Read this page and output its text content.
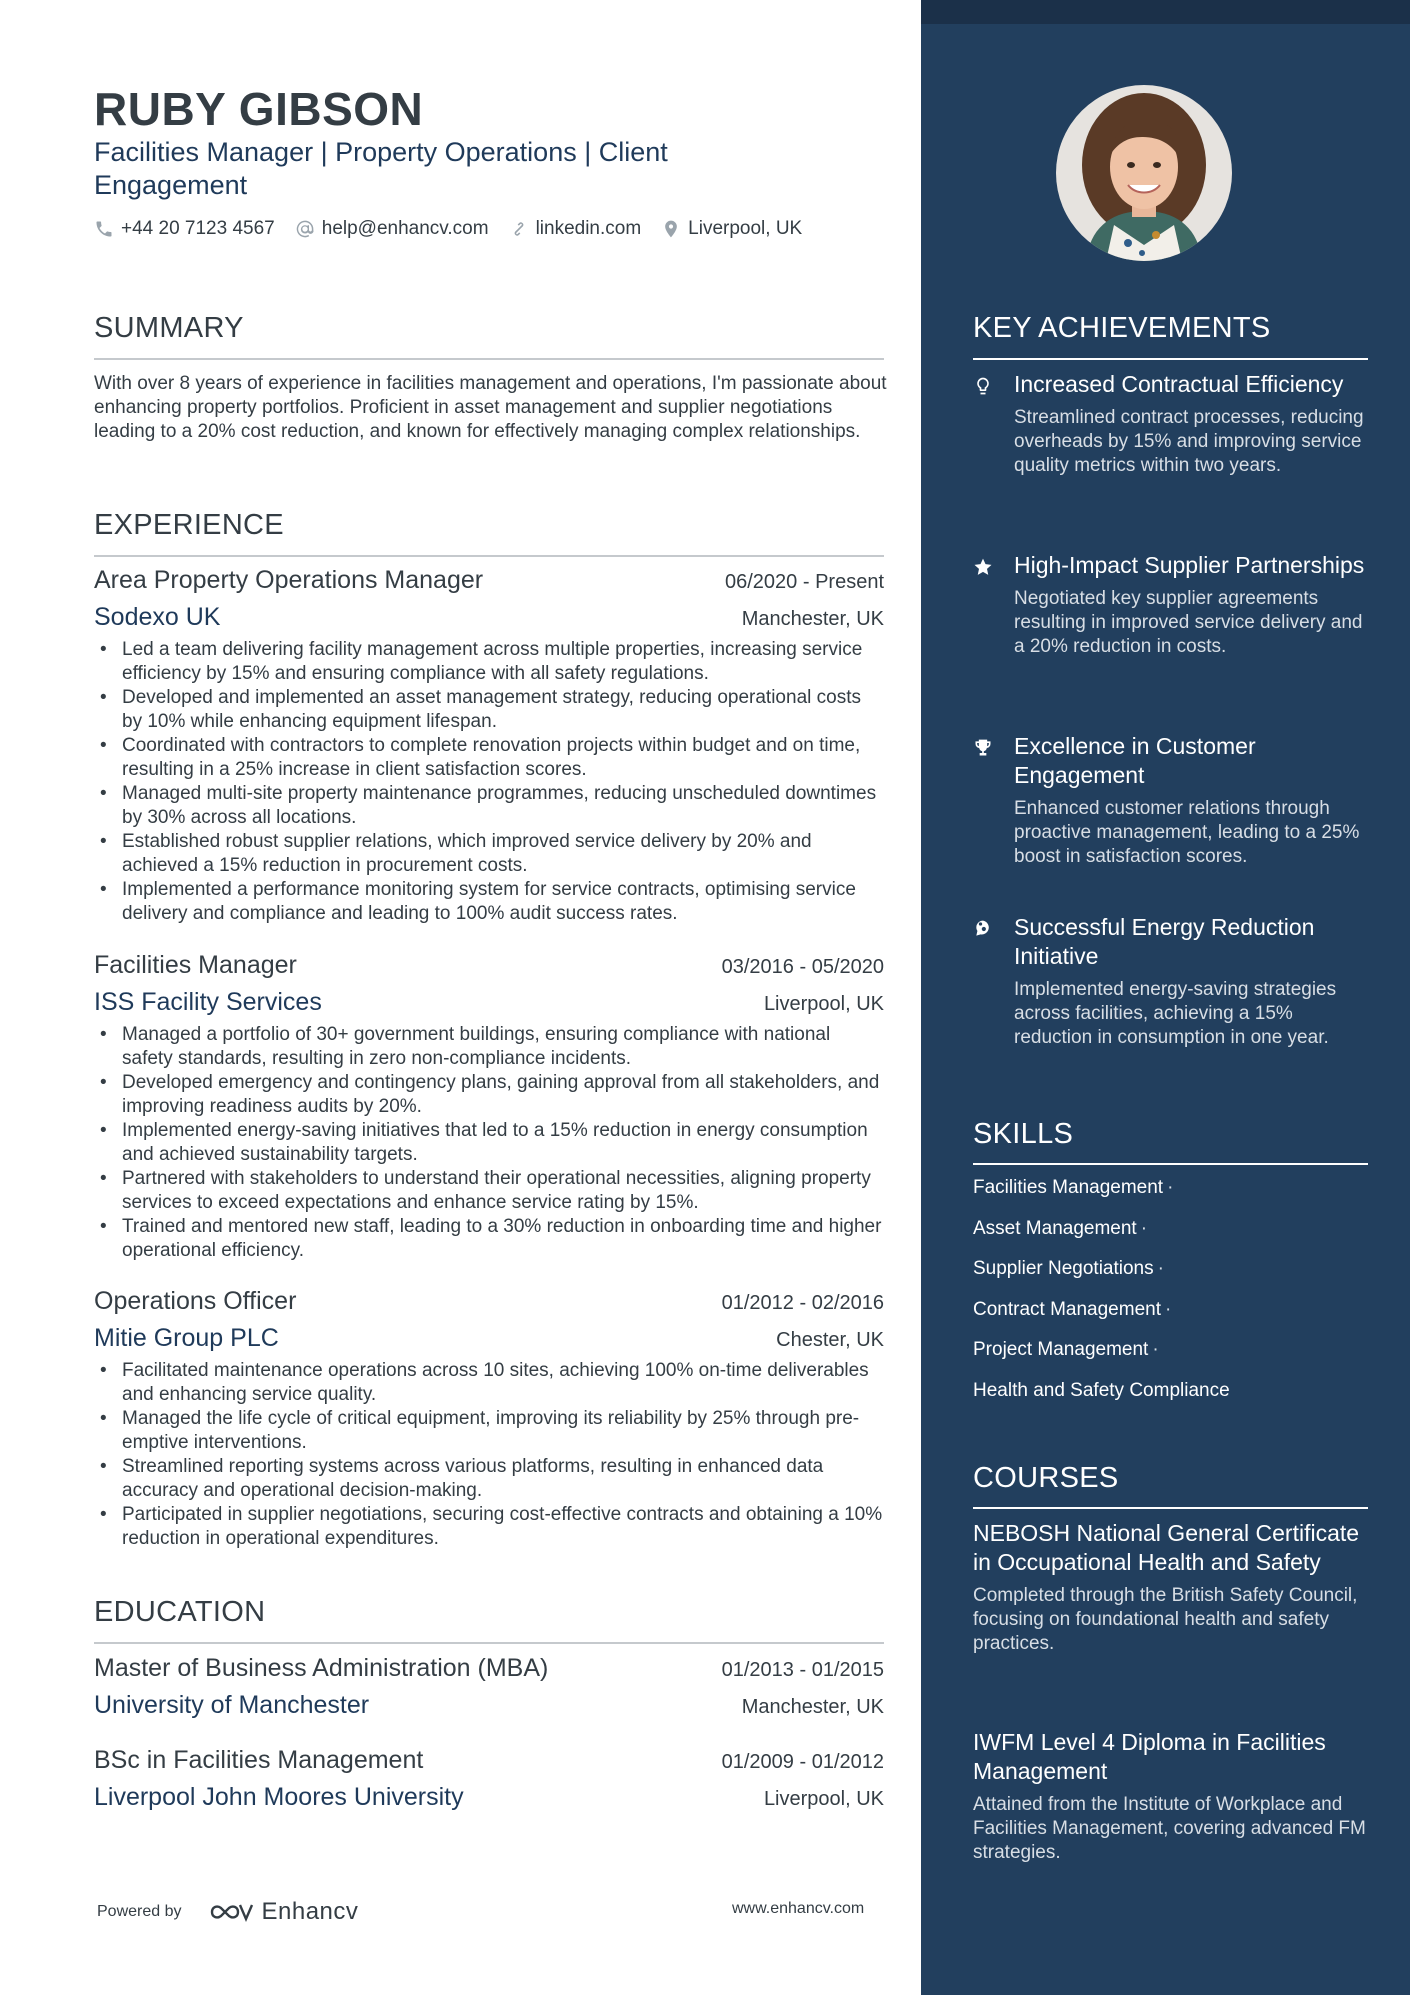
RUBY GIBSON
Facilities Manager | Property Operations | Client Engagement
+44 20 7123 4567 help@enhancv.com linkedin.com Liverpool, UK
SUMMARY
With over 8 years of experience in facilities management and operations, I'm passionate about enhancing property portfolios. Proficient in asset management and supplier negotiations leading to a 20% cost reduction, and known for effectively managing complex relationships.
EXPERIENCE
Area Property Operations Manager	06/2020 - Present
Sodexo UK	Manchester, UK
• Led a team delivering facility management across multiple properties, increasing service efficiency by 15% and ensuring compliance with all safety regulations.
• Developed and implemented an asset management strategy, reducing operational costs by 10% while enhancing equipment lifespan.
• Coordinated with contractors to complete renovation projects within budget and on time, resulting in a 25% increase in client satisfaction scores.
• Managed multi-site property maintenance programmes, reducing unscheduled downtimes by 30% across all locations.
• Established robust supplier relations, which improved service delivery by 20% and achieved a 15% reduction in procurement costs.
• Implemented a performance monitoring system for service contracts, optimising service delivery and compliance and leading to 100% audit success rates.
Facilities Manager	03/2016 - 05/2020
ISS Facility Services	Liverpool, UK
• Managed a portfolio of 30+ government buildings, ensuring compliance with national safety standards, resulting in zero non-compliance incidents.
• Developed emergency and contingency plans, gaining approval from all stakeholders, and improving readiness audits by 20%.
• Implemented energy-saving initiatives that led to a 15% reduction in energy consumption and achieved sustainability targets.
• Partnered with stakeholders to understand their operational necessities, aligning property services to exceed expectations and enhance service rating by 15%.
• Trained and mentored new staff, leading to a 30% reduction in onboarding time and higher operational efficiency.
Operations Officer	01/2012 - 02/2016
Mitie Group PLC	Chester, UK
• Facilitated maintenance operations across 10 sites, achieving 100% on-time deliverables and enhancing service quality.
• Managed the life cycle of critical equipment, improving its reliability by 25% through pre-emptive interventions.
• Streamlined reporting systems across various platforms, resulting in enhanced data accuracy and operational decision-making.
• Participated in supplier negotiations, securing cost-effective contracts and obtaining a 10% reduction in operational expenditures.
EDUCATION
Master of Business Administration (MBA)	01/2013 - 01/2015
University of Manchester	Manchester, UK
BSc in Facilities Management	01/2009 - 01/2012
Liverpool John Moores University	Liverpool, UK
Powered by	Enhancv	www.enhancv.com
KEY ACHIEVEMENTS
Increased Contractual Efficiency
Streamlined contract processes, reducing overheads by 15% and improving service quality metrics within two years.
High-Impact Supplier Partnerships
Negotiated key supplier agreements resulting in improved service delivery and a 20% reduction in costs.
Excellence in Customer Engagement
Enhanced customer relations through proactive management, leading to a 25% boost in satisfaction scores.
Successful Energy Reduction Initiative
Implemented energy-saving strategies across facilities, achieving a 15% reduction in consumption in one year.
SKILLS
Facilities Management ·
Asset Management ·
Supplier Negotiations ·
Contract Management ·
Project Management ·
Health and Safety Compliance
COURSES
NEBOSH National General Certificate in Occupational Health and Safety
Completed through the British Safety Council, focusing on foundational health and safety practices.
IWFM Level 4 Diploma in Facilities Management
Attained from the Institute of Workplace and Facilities Management, covering advanced FM strategies.
